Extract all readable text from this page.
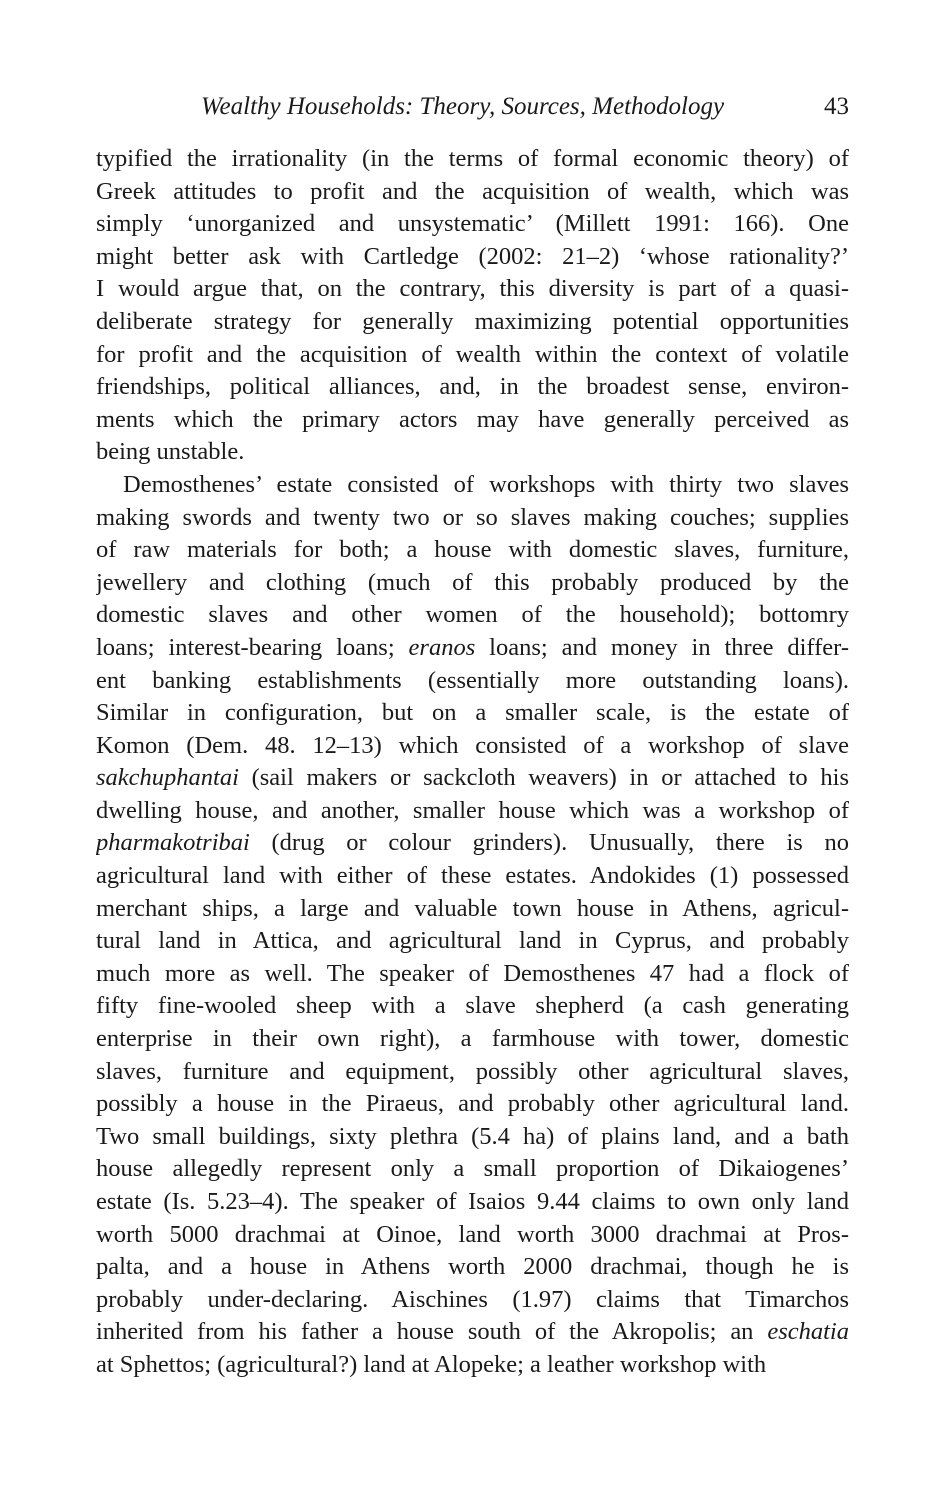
Wealthy Households: Theory, Sources, Methodology	43
typified the irrationality (in the terms of formal economic theory) of
Greek attitudes to profit and the acquisition of wealth, which was
simply ‘unorganized and unsystematic’ (Millett 1991: 166). One
might better ask with Cartledge (2002: 21–2) ‘whose rationality?’
I would argue that, on the contrary, this diversity is part of a quasi-
deliberate strategy for generally maximizing potential opportunities
for profit and the acquisition of wealth within the context of volatile
friendships, political alliances, and, in the broadest sense, environ-
ments which the primary actors may have generally perceived as
being unstable.
Demosthenes’ estate consisted of workshops with thirty two slaves
making swords and twenty two or so slaves making couches; supplies
of raw materials for both; a house with domestic slaves, furniture,
jewellery and clothing (much of this probably produced by the
domestic slaves and other women of the household); bottomry
loans; interest-bearing loans; eranos loans; and money in three differ-
ent banking establishments (essentially more outstanding loans).
Similar in configuration, but on a smaller scale, is the estate of
Komon (Dem. 48. 12–13) which consisted of a workshop of slave
sakchuphantai (sail makers or sackcloth weavers) in or attached to his
dwelling house, and another, smaller house which was a workshop of
pharmakotribai (drug or colour grinders). Unusually, there is no
agricultural land with either of these estates. Andokides (1) possessed
merchant ships, a large and valuable town house in Athens, agricul-
tural land in Attica, and agricultural land in Cyprus, and probably
much more as well. The speaker of Demosthenes 47 had a flock of
fifty fine-wooled sheep with a slave shepherd (a cash generating
enterprise in their own right), a farmhouse with tower, domestic
slaves, furniture and equipment, possibly other agricultural slaves,
possibly a house in the Piraeus, and probably other agricultural land.
Two small buildings, sixty plethra (5.4 ha) of plains land, and a bath
house allegedly represent only a small proportion of Dikaiogenes’
estate (Is. 5.23–4). The speaker of Isaios 9.44 claims to own only land
worth 5000 drachmai at Oinoe, land worth 3000 drachmai at Pros-
palta, and a house in Athens worth 2000 drachmai, though he is
probably under-declaring. Aischines (1.97) claims that Timarchos
inherited from his father a house south of the Akropolis; an eschatia
at Sphettos; (agricultural?) land at Alopeke; a leather workshop with
